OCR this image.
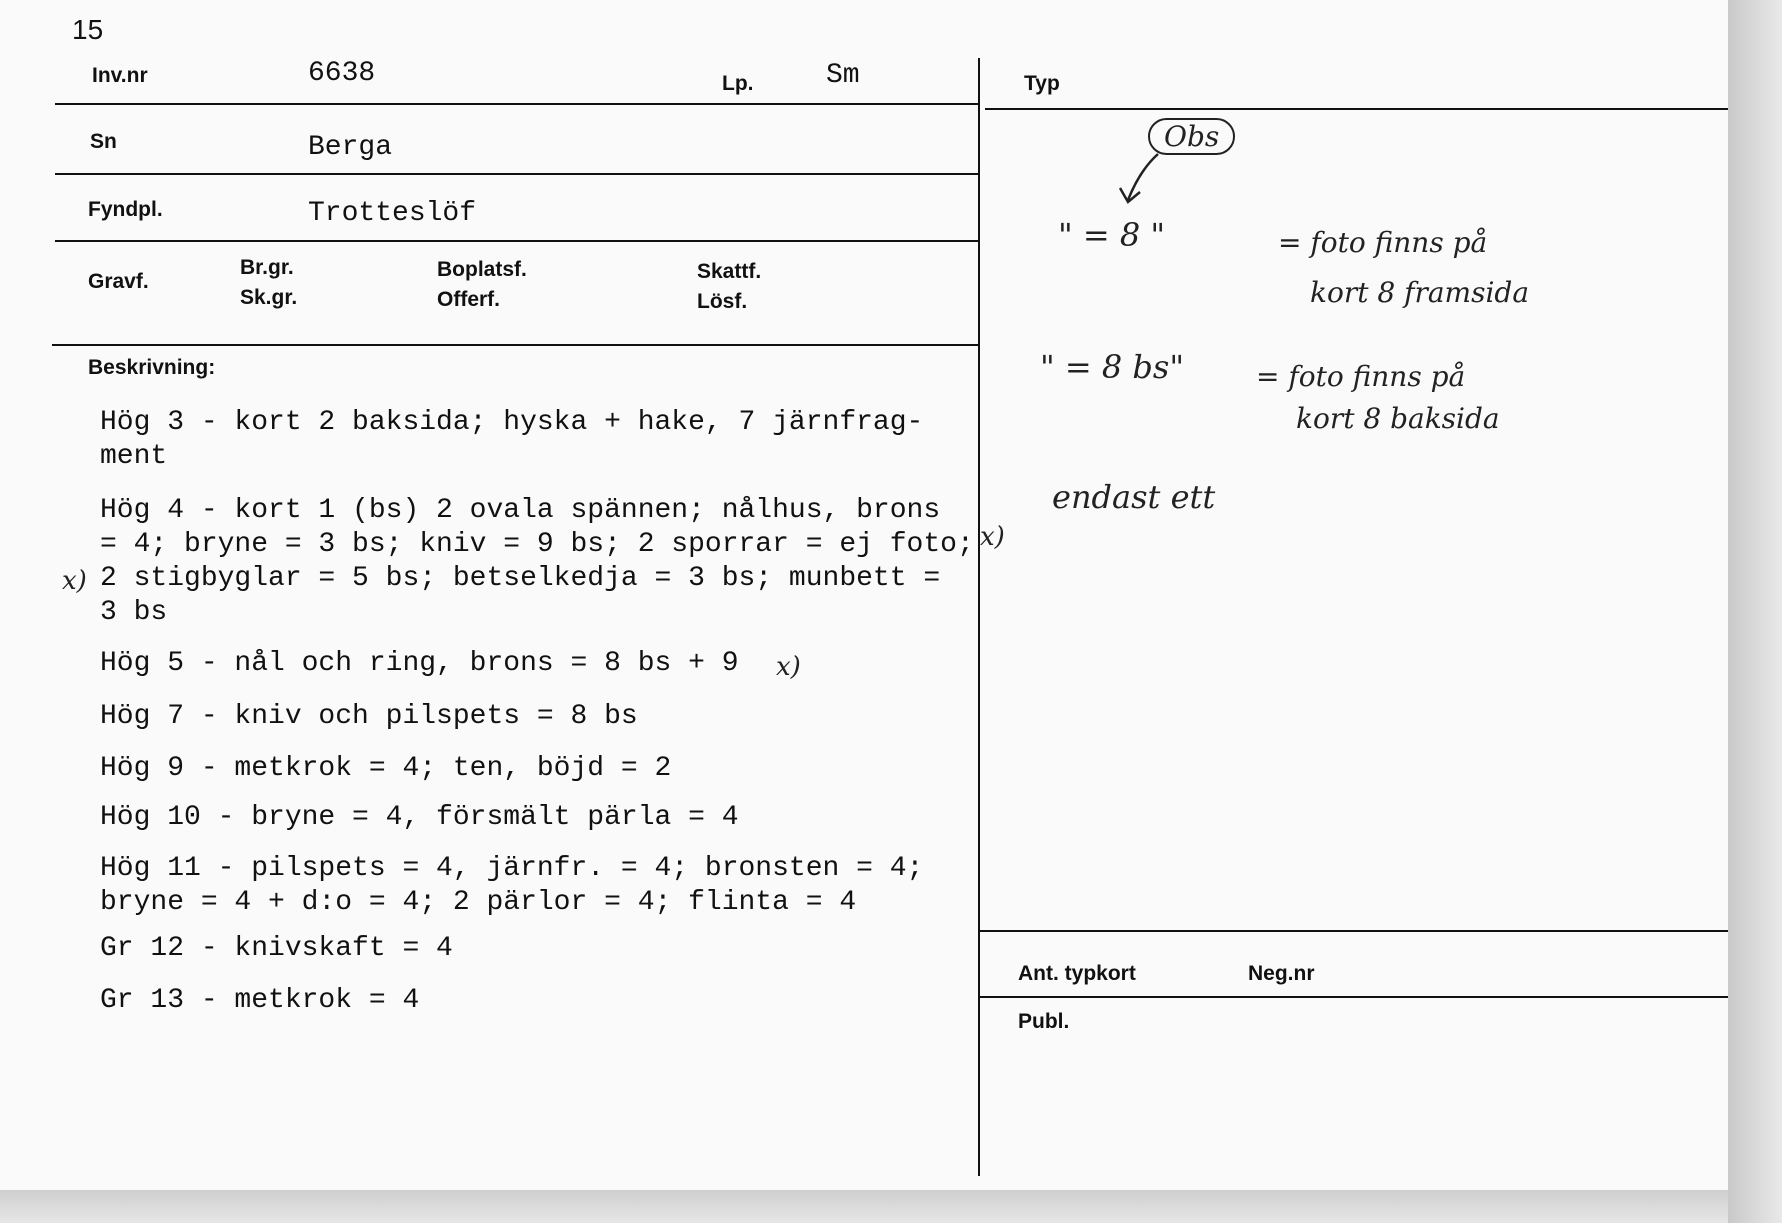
15
Inv.nr	6638	Lp.	Sm	Typ
Sn	Berga
Fyndpl.	Trotteslöf
Gravf.
Br.gr.
Sk.gr.
Boplatsf.
Offerf.
Skattf.
Lösf.
Beskrivning:
Hög 3 - kort 2 baksida; hyska + hake, 7 järnfrag-
ment
Hög 4 - kort 1 (bs) 2 ovala spännen; nålhus, brons
= 4; bryne = 3 bs; kniv = 9 bs; 2 sporrar = ej foto;
2 stigbyglar = 5 bs; betselkedja = 3 bs; munbett =
3 bs
Hög 5 - nål och ring, brons = 8 bs + 9
Hög 7 - kniv och pilspets = 8 bs
Hög 9 - metkrok = 4; ten, böjd = 2
Hög 10 - bryne = 4, försmält pärla = 4
Hög 11 - pilspets = 4, järnfr. = 4; bronsten = 4;
bryne = 4 + d:o = 4; 2 pärlor = 4; flinta = 4
Gr 12 - knivskaft = 4
Gr 13 - metkrok = 4
x)
x)
x)
Obs
" = 8 "	= foto finns på
kort 8 framsida
" = 8 bs"	= foto finns på
kort 8 baksida
endast ett
Ant. typkort	Neg.nr
Publ.
